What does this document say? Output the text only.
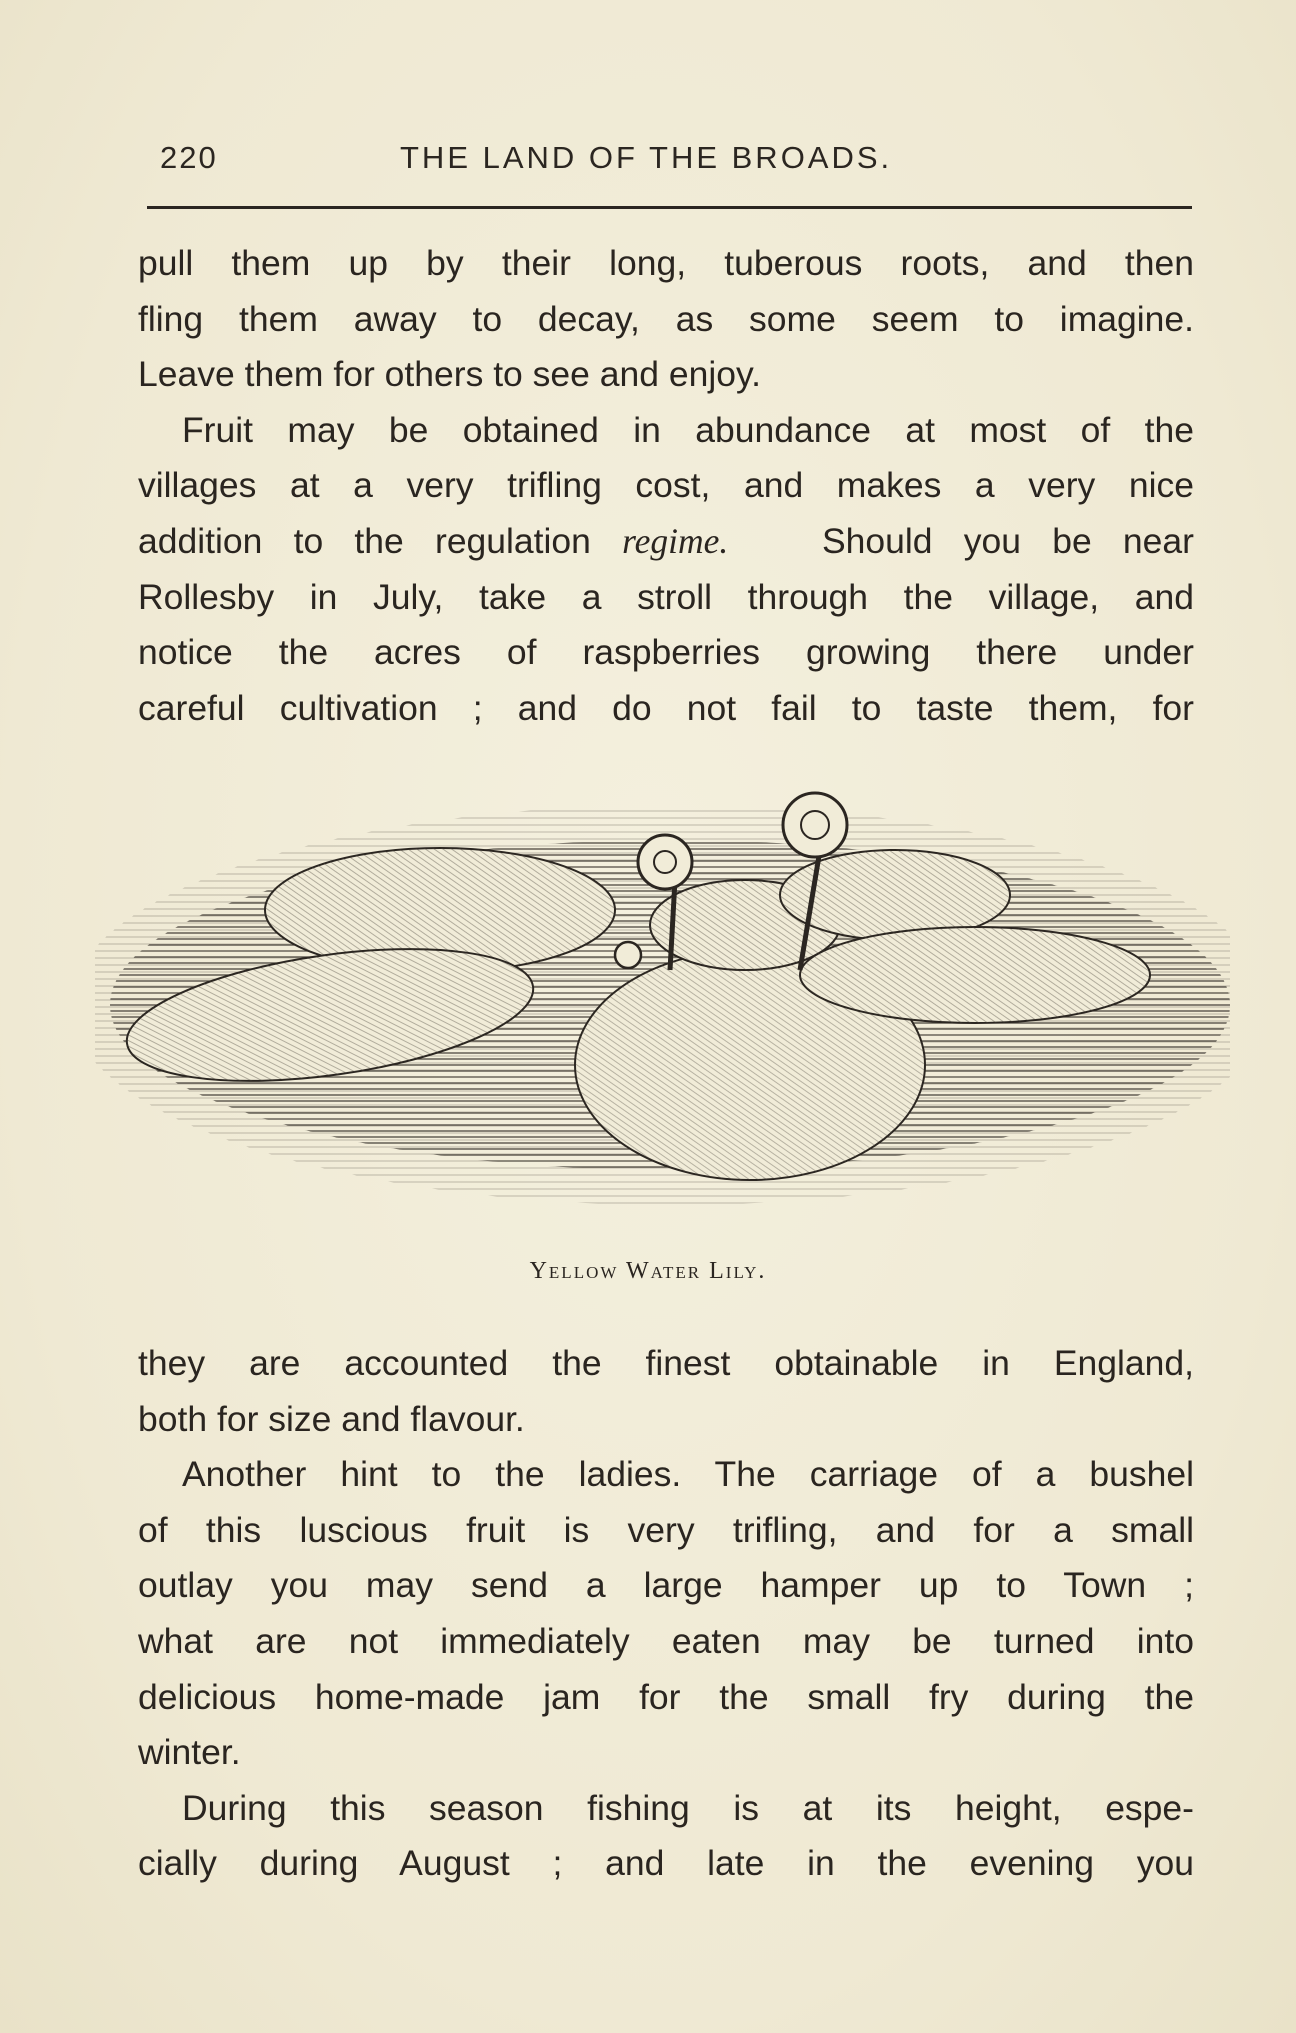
220	THE LAND OF THE BROADS.
pull them up by their long, tuberous roots, and then
fling them away to decay, as some seem to imagine.
Leave them for others to see and enjoy.
Fruit may be obtained in abundance at most of the
villages at a very trifling cost, and makes a very nice
addition to the regulation regime.	Should you be near
Rollesby in July, take a stroll through the village, and
notice the acres of raspberries growing there under
careful cultivation ; and do not fail to taste them, for
Yellow Water Lily.
they are accounted the finest obtainable in England,
both for size and flavour.
Another hint to the ladies. The carriage of a bushel
of this luscious fruit is very trifling, and for a small
outlay you may send a large hamper up to Town ;
what are not immediately eaten may be turned into
delicious home-made jam for the small fry during the
winter.
During this season fishing is at its height, espe-
cially during August ; and late in the evening you
